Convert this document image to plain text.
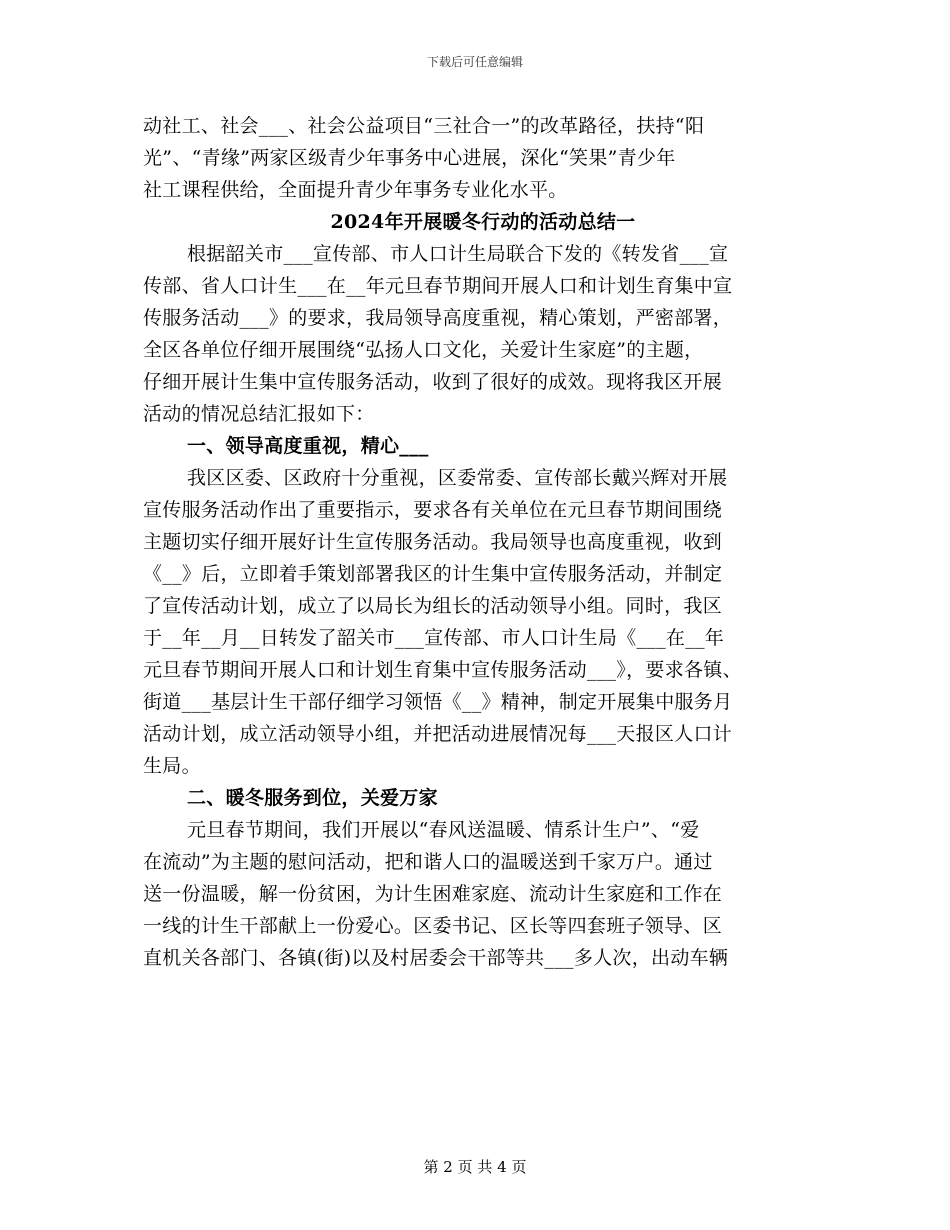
下载后可任意编辑
动社工、社会___、社会公益项目“三社合一”的改革路径，扶持“阳
光”、“青缘”两家区级青少年事务中心进展，深化“笑果”青少年
社工课程供给，全面提升青少年事务专业化水平。
2024年开展暖冬行动的活动总结一
根据韶关市___宣传部、市人口计生局联合下发的《转发省___宣
传部、省人口计生___在__年元旦春节期间开展人口和计划生育集中宣
传服务活动___》的要求，我局领导高度重视，精心策划，严密部署，
全区各单位仔细开展围绕“弘扬人口文化，关爱计生家庭”的主题，
仔细开展计生集中宣传服务活动，收到了很好的成效。现将我区开展
活动的情况总结汇报如下：
一、领导高度重视，精心___
我区区委、区政府十分重视，区委常委、宣传部长戴兴辉对开展
宣传服务活动作出了重要指示，要求各有关单位在元旦春节期间围绕
主题切实仔细开展好计生宣传服务活动。我局领导也高度重视，收到
《__》后，立即着手策划部署我区的计生集中宣传服务活动，并制定
了宣传活动计划，成立了以局长为组长的活动领导小组。同时，我区
于__年__月__日转发了韶关市___宣传部、市人口计生局《___在__年
元旦春节期间开展人口和计划生育集中宣传服务活动___》，要求各镇、
街道___基层计生干部仔细学习领悟《__》精神，制定开展集中服务月
活动计划，成立活动领导小组，并把活动进展情况每___天报区人口计
生局。
二、暖冬服务到位，关爱万家
元旦春节期间，我们开展以“春风送温暖、情系计生户”、“爱
在流动”为主题的慰问活动，把和谐人口的温暖送到千家万户。通过
送一份温暖，解一份贫困，为计生困难家庭、流动计生家庭和工作在
一线的计生干部献上一份爱心。区委书记、区长等四套班子领导、区
直机关各部门、各镇(街)以及村居委会干部等共___多人次，出动车辆
第 2 页 共 4 页
